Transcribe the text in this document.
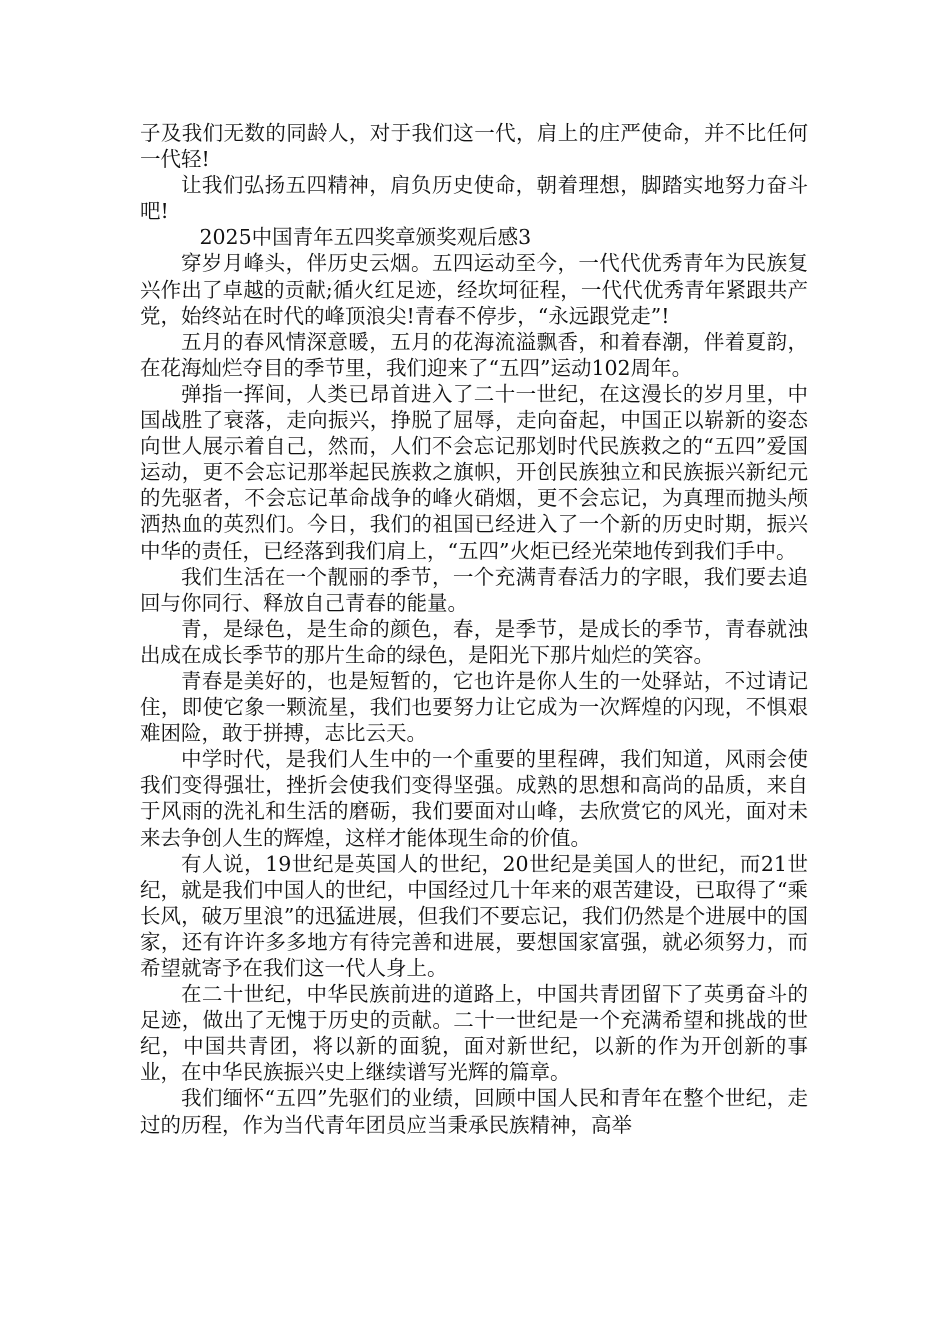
子及我们无数的同龄人，对于我们这一代，肩上的庄严使命，并不比任何一代轻!

让我们弘扬五四精神，肩负历史使命，朝着理想，脚踏实地努力奋斗吧!

2025中国青年五四奖章颁奖观后感3

穿岁月峰头，伴历史云烟。五四运动至今，一代代优秀青年为民族复兴作出了卓越的贡献;循火红足迹，经坎坷征程，一代代优秀青年紧跟共产党，始终站在时代的峰顶浪尖!青春不停步，“永远跟党走”!

五月的春风情深意暖，五月的花海流溢飘香，和着春潮，伴着夏韵，在花海灿烂夺目的季节里，我们迎来了“五四”运动102周年。

弹指一挥间，人类已昂首进入了二十一世纪，在这漫长的岁月里，中国战胜了衰落，走向振兴，挣脱了屈辱，走向奋起，中国正以崭新的姿态向世人展示着自己，然而，人们不会忘记那划时代民族救之的“五四”爱国运动，更不会忘记那举起民族救之旗帜，开创民族独立和民族振兴新纪元的先驱者，不会忘记革命战争的峰火硝烟，更不会忘记，为真理而抛头颅洒热血的英烈们。今日，我们的祖国已经进入了一个新的历史时期，振兴中华的责任，已经落到我们肩上，“五四”火炬已经光荣地传到我们手中。

我们生活在一个靓丽的季节，一个充满青春活力的字眼，我们要去追回与你同行、释放自己青春的能量。

青，是绿色，是生命的颜色，春，是季节，是成长的季节，青春就浊出成在成长季节的那片生命的绿色，是阳光下那片灿烂的笑容。

青春是美好的，也是短暂的，它也许是你人生的一处驿站，不过请记住，即使它象一颗流星，我们也要努力让它成为一次辉煌的闪现，不惧艰难困险，敢于拼搏，志比云天。

中学时代，是我们人生中的一个重要的里程碑，我们知道，风雨会使我们变得强壮，挫折会使我们变得坚强。成熟的思想和高尚的品质，来自于风雨的洗礼和生活的磨砺，我们要面对山峰，去欣赏它的风光，面对未来去争创人生的辉煌，这样才能体现生命的价值。

有人说，19世纪是英国人的世纪，20世纪是美国人的世纪，而21世纪，就是我们中国人的世纪，中国经过几十年来的艰苦建设，已取得了“乘长风，破万里浪”的迅猛进展，但我们不要忘记，我们仍然是个进展中的国家，还有许许多多地方有待完善和进展，要想国家富强，就必须努力，而希望就寄予在我们这一代人身上。

在二十世纪，中华民族前进的道路上，中国共青团留下了英勇奋斗的足迹，做出了无愧于历史的贡献。二十一世纪是一个充满希望和挑战的世纪，中国共青团，将以新的面貌，面对新世纪，以新的作为开创新的事业，在中华民族振兴史上继续谱写光辉的篇章。

我们缅怀“五四”先驱们的业绩，回顾中国人民和青年在整个世纪，走过的历程，作为当代青年团员应当秉承民族精神，高举
